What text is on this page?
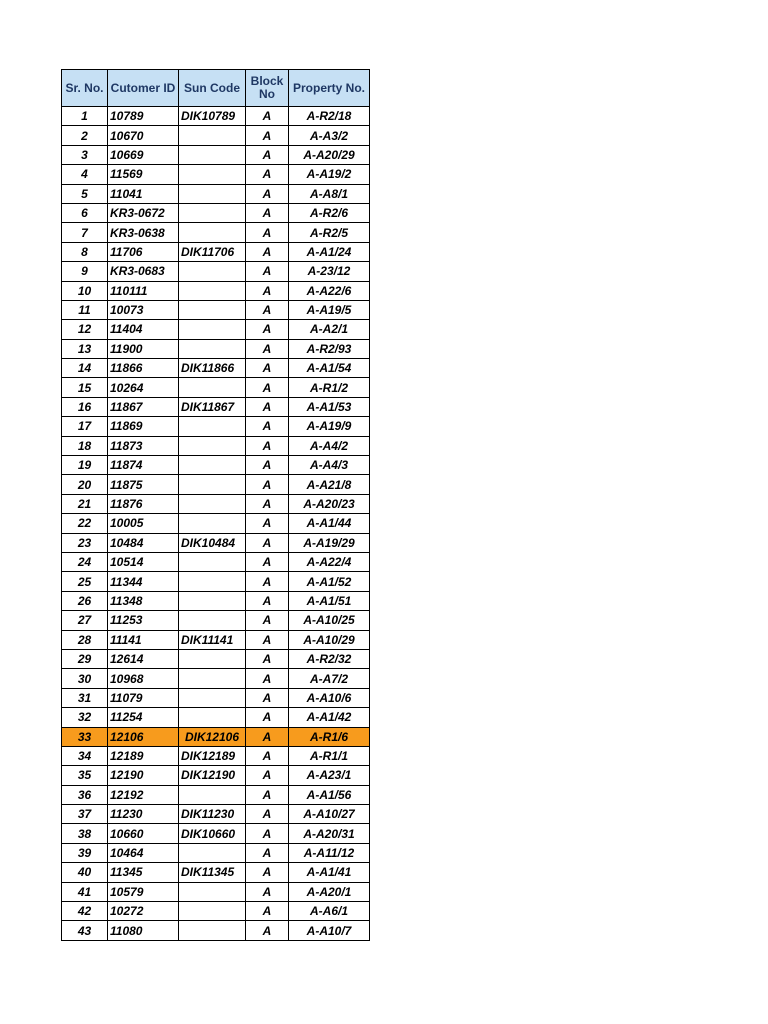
Sr. No.	Cutomer ID	Sun Code	Block No	Property No.
1	10789	DIK10789	A	A-R2/18
2	10670		A	A-A3/2
3	10669		A	A-A20/29
4	11569		A	A-A19/2
5	11041		A	A-A8/1
6	KR3-0672		A	A-R2/6
7	KR3-0638		A	A-R2/5
8	11706	DIK11706	A	A-A1/24
9	KR3-0683		A	A-23/12
10	110111		A	A-A22/6
11	10073		A	A-A19/5
12	11404		A	A-A2/1
13	11900		A	A-R2/93
14	11866	DIK11866	A	A-A1/54
15	10264		A	A-R1/2
16	11867	DIK11867	A	A-A1/53
17	11869		A	A-A19/9
18	11873		A	A-A4/2
19	11874		A	A-A4/3
20	11875		A	A-A21/8
21	11876		A	A-A20/23
22	10005		A	A-A1/44
23	10484	DIK10484	A	A-A19/29
24	10514		A	A-A22/4
25	11344		A	A-A1/52
26	11348		A	A-A1/51
27	11253		A	A-A10/25
28	11141	DIK11141	A	A-A10/29
29	12614		A	A-R2/32
30	10968		A	A-A7/2
31	11079		A	A-A10/6
32	11254		A	A-A1/42
33	12106	DIK12106	A	A-R1/6
34	12189	DIK12189	A	A-R1/1
35	12190	DIK12190	A	A-A23/1
36	12192		A	A-A1/56
37	11230	DIK11230	A	A-A10/27
38	10660	DIK10660	A	A-A20/31
39	10464		A	A-A11/12
40	11345	DIK11345	A	A-A1/41
41	10579		A	A-A20/1
42	10272		A	A-A6/1
43	11080		A	A-A10/7
